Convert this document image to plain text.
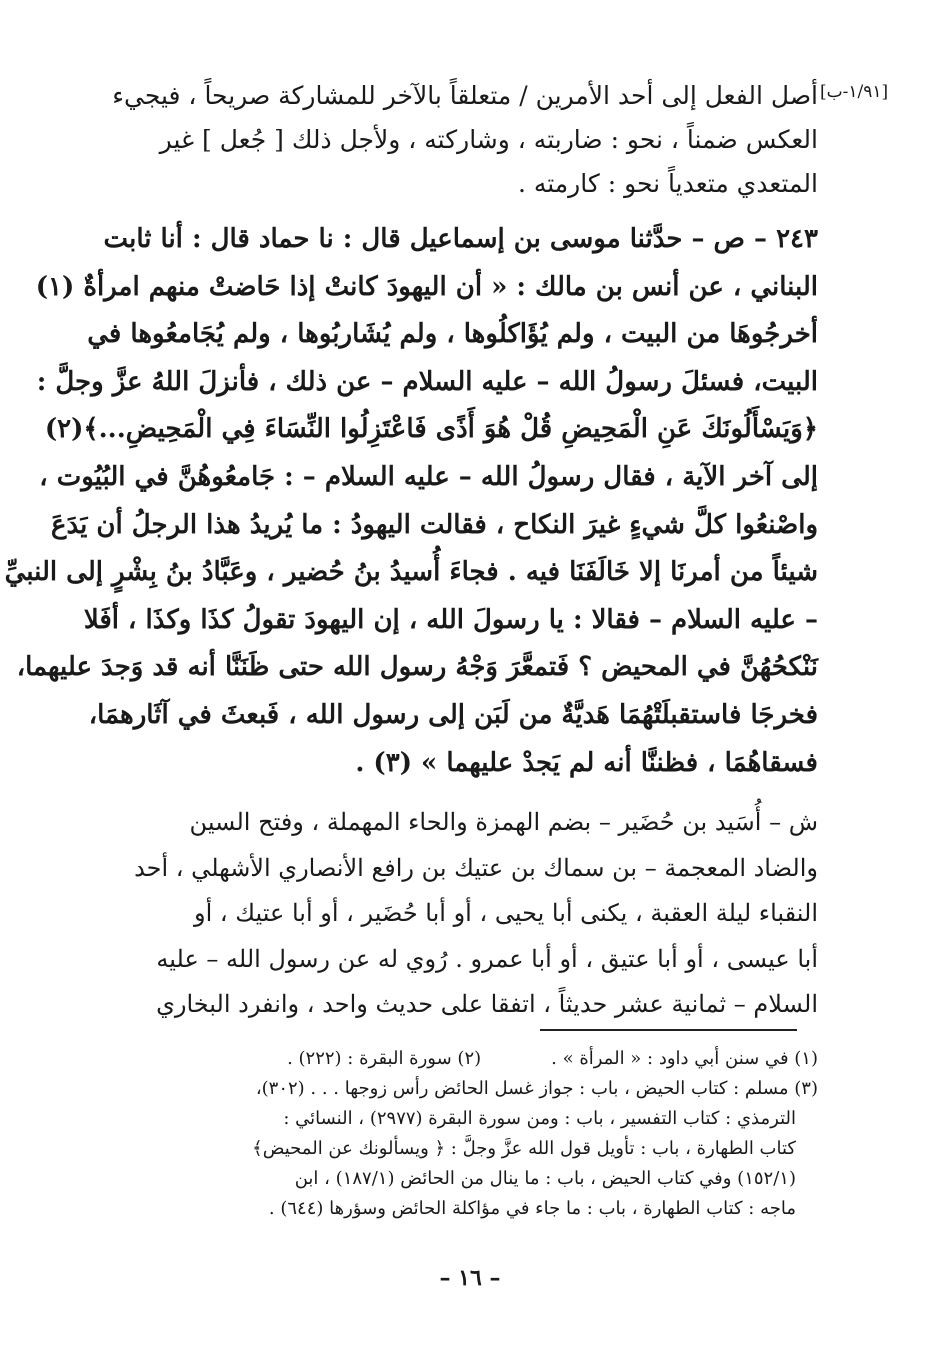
[١/٩١-ب]
أصل الفعل إلى أحد الأمرين / متعلقاً بالآخر للمشاركة صريحاً ، فيجيء
العكس ضمناً ، نحو : ضاربته ، وشاركته ، ولأجل ذلك [ جُعل ] غير
المتعدي متعدياً نحو : كارمته .
٢٤٣ – ص – حدَّثنا موسى بن إسماعيل قال : نا حماد قال : أنا ثابت
البناني ، عن أنس بن مالك : « أن اليهودَ كانتْ إذا حَاضتْ منهم امرأةٌ (١)
أخرجُوهَا من البيت ، ولم يُؤَاكلُوها ، ولم يُشَاربُوها ، ولم يُجَامعُوها في
البيت، فسئلَ رسولُ الله – عليه السلام – عن ذلك ، فأنزلَ اللهُ عزَّ وجلَّ :
﴿وَيَسْأَلُونَكَ عَنِ الْمَحِيضِ قُلْ هُوَ أَذًى فَاعْتَزِلُوا النِّسَاءَ فِي الْمَحِيضِ...﴾(٢)
إلى آخر الآية ، فقال رسولُ الله – عليه السلام – : جَامعُوهُنَّ في البُيُوت ،
واصْنعُوا كلَّ شيءٍ غيرَ النكاح ، فقالت اليهودُ : ما يُريدُ هذا الرجلُ أن يَدَعَ
شيئاً من أمرنَا إلا خَالَفَنَا فيه . فجاءَ أُسيدُ بنُ حُضير ، وعَبَّادُ بنُ بِشْرٍ إلى النبيِّ
– عليه السلام – فقالا : يا رسولَ الله ، إن اليهودَ تقولُ كذَا وكذَا ، أفَلا
نَنْكحُهُنَّ في المحيض ؟ فَتمعَّرَ وَجْهُ رسول الله حتى ظَنَنَّا أنه قد وَجدَ عليهما،
فخرجَا فاستقبلَتْهُمَا هَديَّةٌ من لَبَن إلى رسول الله ، فَبعثَ في آثَارهمَا،
فسقاهُمَا ، فظننَّا أنه لم يَجدْ عليهما » (٣) .
ش – أُسَيد بن حُضَير – بضم الهمزة والحاء المهملة ، وفتح السين
والضاد المعجمة – بن سماك بن عتيك بن رافع الأنصاري الأشهلي ، أحد
النقباء ليلة العقبة ، يكنى أبا يحيى ، أو أبا حُضَير ، أو أبا عتيك ، أو
أبا عيسى ، أو أبا عتيق ، أو أبا عمرو . رُوي له عن رسول الله – عليه
السلام – ثمانية عشر حديثاً ، اتفقا على حديث واحد ، وانفرد البخاري
(١) في سنن أبي داود : « المرأة » .
(٢) سورة البقرة : (٢٢٢) .
(٣) مسلم : كتاب الحيض ، باب : جواز غسل الحائض رأس زوجها . . . (٣٠٢)،
الترمذي : كتاب التفسير ، باب : ومن سورة البقرة (٢٩٧٧) ، النسائي :
كتاب الطهارة ، باب : تأويل قول الله عزَّ وجلَّ : ﴿ ويسألونك عن المحيض﴾
(١٥٢/١) وفي كتاب الحيض ، باب : ما ينال من الحائض (١٨٧/١) ، ابن
ماجه : كتاب الطهارة ، باب : ما جاء في مؤاكلة الحائض وسؤرها (٦٤٤) .
– ١٦ –
